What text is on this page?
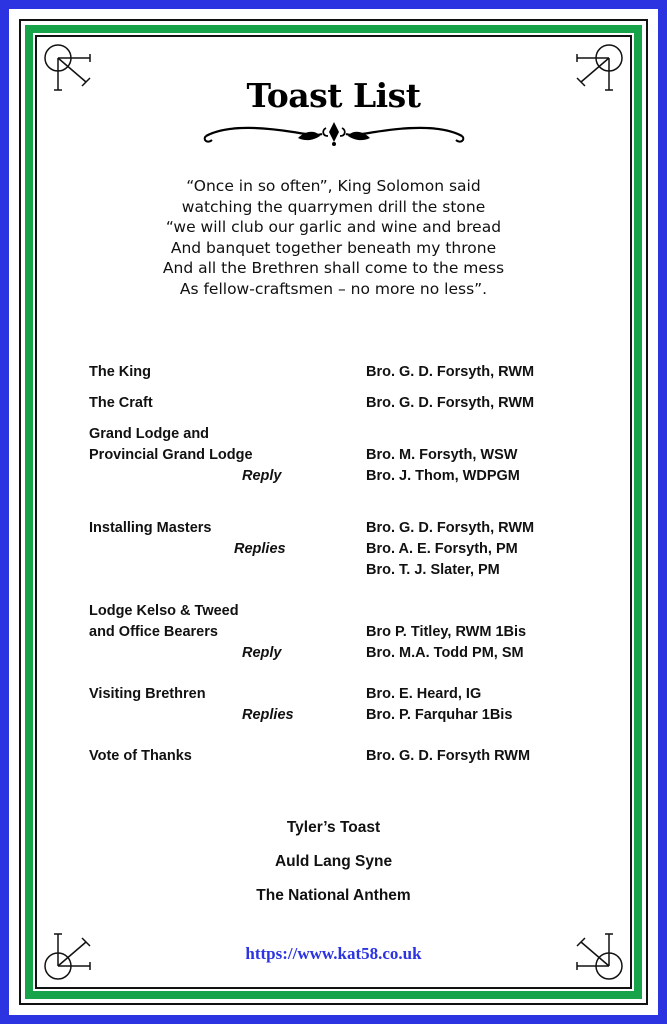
Toast List
“Once in so often”, King Solomon said
watching the quarrymen drill the stone
“we will club our garlic and wine and bread
And banquet together beneath my throne
And all the Brethren shall come to the mess
As fellow-craftsmen – no more no less”.
The King	Bro. G. D. Forsyth, RWM
The Craft	Bro. G. D. Forsyth, RWM
Grand Lodge and
Provincial Grand Lodge	Bro. M. Forsyth, WSW
Reply	Bro. J. Thom, WDPGM
Installing Masters	Bro. G. D. Forsyth, RWM
Replies	Bro. A. E. Forsyth, PM
Bro. T. J. Slater, PM
Lodge Kelso & Tweed
and Office Bearers	Bro P. Titley, RWM 1Bis
Reply	Bro. M.A. Todd PM, SM
Visiting Brethren	Bro. E. Heard, IG
Replies	Bro. P. Farquhar 1Bis
Vote of Thanks	Bro. G. D. Forsyth RWM
Tyler’s Toast
Auld Lang Syne
The National Anthem
https://www.kat58.co.uk
